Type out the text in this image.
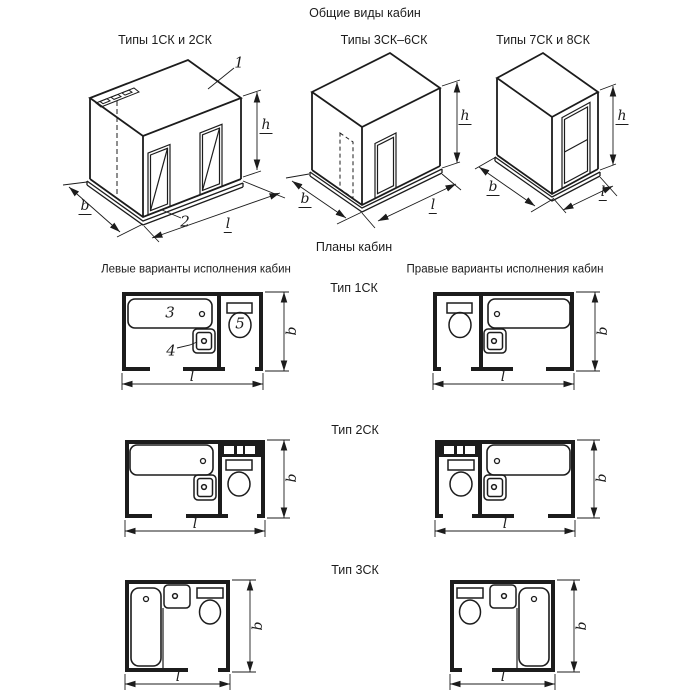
Общие виды кабин
Типы 1СК и 2СК	Типы 3СК–6СК	Типы 7СК и 8СК
Планы кабин
Левые варианты исполнения кабин	Правые варианты исполнения кабин
Тип 1СК
Тип 2СК
Тип 3СК
1
2
h
b
l
h
b	l
h
b	l
3
4
5
l
b
l
b
l
b
l
b
l
b
l
b
